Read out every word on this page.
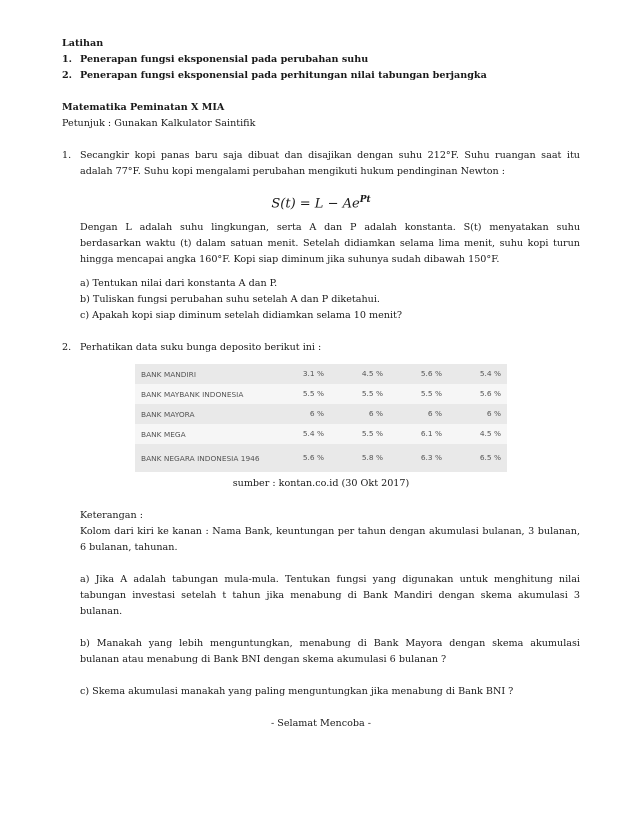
Latihan

1. Penerapan fungsi eksponensial pada perubahan suhu
2. Penerapan fungsi eksponensial pada perhitungan nilai tabungan berjangka

Matematika Peminatan X MIA

Petunjuk : Gunakan Kalkulator Saintifik

1. Secangkir kopi panas baru saja dibuat dan disajikan dengan suhu 212°F. Suhu ruangan saat itu adalah 77°F. Suhu kopi mengalami perubahan mengikuti hukum pendinginan Newton :
$S(t) = L - Ae^{Pt}$

Dengan L adalah suhu lingkungan, serta A dan P adalah konstanta. S(t) menyatakan suhu berdasarkan waktu (t) dalam satuan menit. Setelah didiamkan selama lima menit, suhu kopi turun hingga mencapai angka 160°F. Kopi siap diminum jika suhunya sudah dibawah 150°F.

a) Tentukan nilai dari konstanta A dan P.

b) Tuliskan fungsi perubahan suhu setelah A dan P diketahui.

c) Apakah kopi siap diminum setelah didiamkan selama 10 menit?

2. Perhatikan data suku bunga deposito berikut ini :
BANK MANDIRI	3.1 %	4.5 %	5.6 %	5.4 %
BANK MAYBANK INDONESIA	5.5 %	5.5 %	5.5 %	5.6 %
BANK MAYORA	6 %	6 %	6 %	6 %
BANK MEGA	5.4 %	5.5 %	6.1 %	4.5 %
BANK NEGARA INDONESIA 1946	5.6 %	5.8 %	6.3 %	6.5 %

sumber : kontan.co.id (30 Okt 2017)

Keterangan :

Kolom dari kiri ke kanan : Nama Bank, keuntungan per tahun dengan akumulasi bulanan, 3 bulanan, 6 bulanan, tahunan.

a) Jika A adalah tabungan mula-mula. Tentukan fungsi yang digunakan untuk menghitung nilai tabungan investasi setelah t tahun jika menabung di Bank Mandiri dengan skema akumulasi 3 bulanan.

b) Manakah yang lebih menguntungkan, menabung di Bank Mayora dengan skema akumulasi bulanan atau menabung di Bank BNI dengan skema akumulasi 6 bulanan ?

c) Skema akumulasi manakah yang paling menguntungkan jika menabung di Bank BNI ?

- Selamat Mencoba -
